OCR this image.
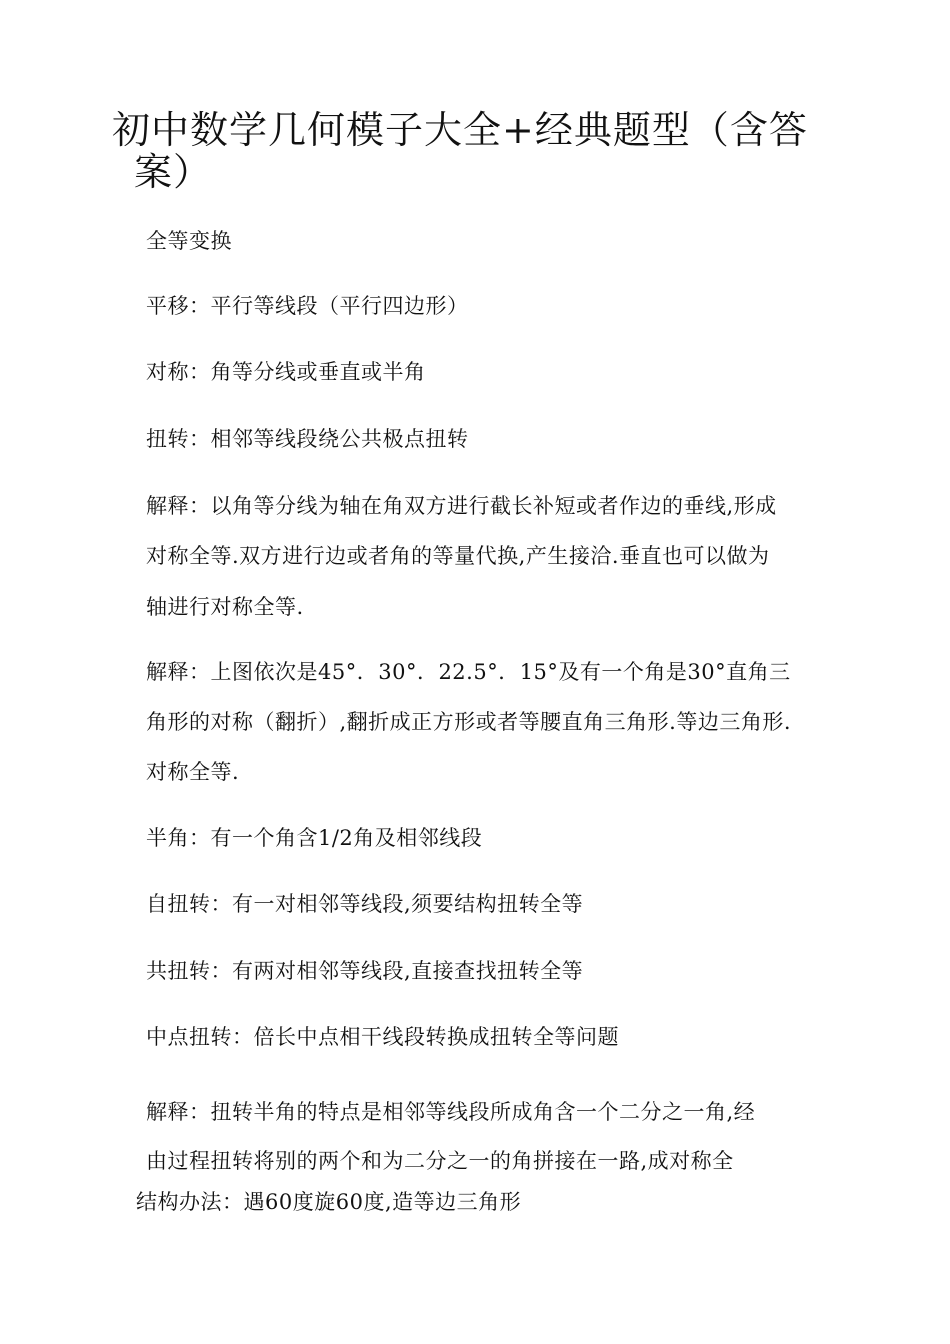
初中数学几何模子大全+经典题型（含答
案）
全等变换
平移：平行等线段（平行四边形）
对称：角等分线或垂直或半角
扭转：相邻等线段绕公共极点扭转
解释：以角等分线为轴在角双方进行截长补短或者作边的垂线,形成
对称全等.双方进行边或者角的等量代换,产生接洽.垂直也可以做为
轴进行对称全等.
解释：上图依次是45°．30°．22.5°．15°及有一个角是30°直角三
角形的对称（翻折）,翻折成正方形或者等腰直角三角形.等边三角形.
对称全等.
半角：有一个角含1/2角及相邻线段
自扭转：有一对相邻等线段,须要结构扭转全等
共扭转：有两对相邻等线段,直接查找扭转全等
中点扭转：倍长中点相干线段转换成扭转全等问题
解释：扭转半角的特点是相邻等线段所成角含一个二分之一角,经
由过程扭转将别的两个和为二分之一的角拼接在一路,成对称全
结构办法：遇60度旋60度,造等边三角形
